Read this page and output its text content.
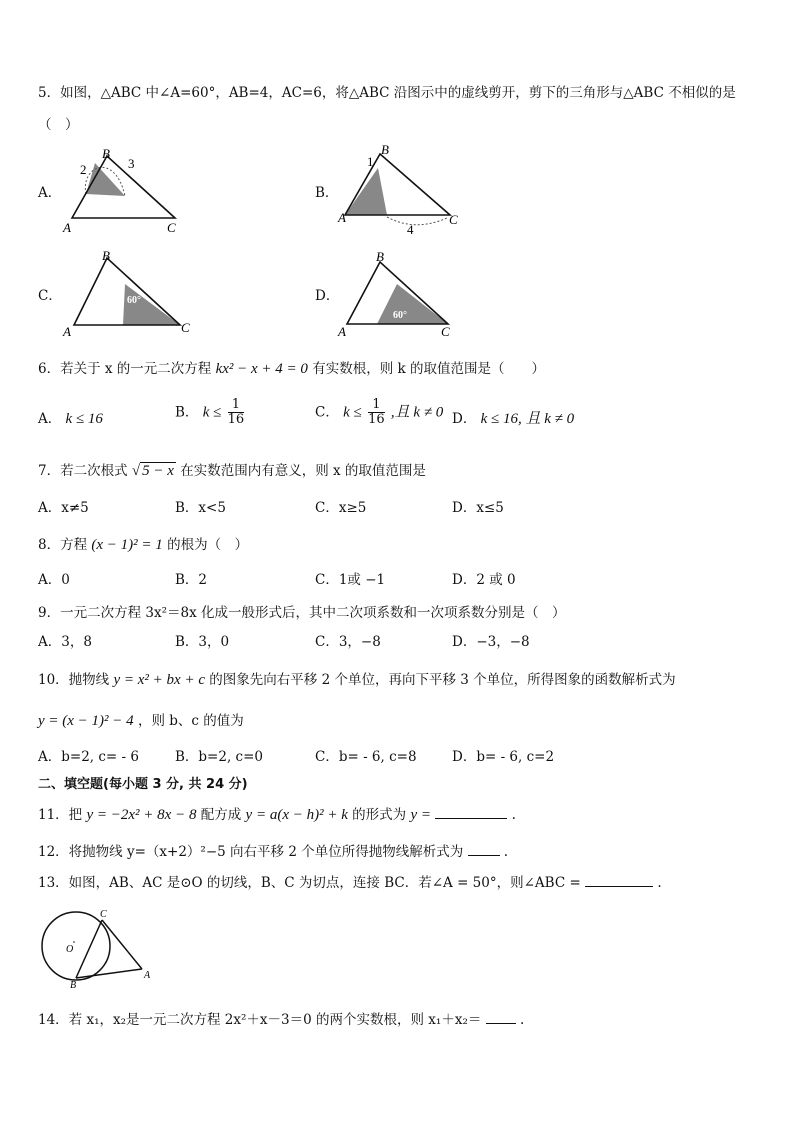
5．如图，△ABC 中∠A=60°，AB=4，AC=6，将△ABC 沿图示中的虚线剪开，剪下的三角形与△ABC 不相似的是
（　）
A．
B
2	3
A	C
B．
B
1
A	C
4
C．
B
60°
A	C
D．
B
60°
A	C
6．若关于 x 的一元二次方程 kx² − x + 4 = 0 有实数根，则 k 的取值范围是（　　）
A． k ≤ 16	B． $k \le \frac{1}{16}$	C． $k \le \frac{1}{16}$ ,且 k ≠ 0 D． k ≤ 16, 且 k ≠ 0
7．若二次根式 √ 5 − x 在实数范围内有意义，则 x 的取值范围是
A．x≠5	B．x<5	C．x≥5	D．x≤5
8．方程 (x − 1)² = 1 的根为（　）
A．0	B．2	C．1或 −1	D．2 或 0
9．一元二次方程 3x²＝8x 化成一般形式后，其中二次项系数和一次项系数分别是（　）
A．3，8	B．3，0	C．3，−8	D．−3，−8
10．抛物线 y = x² + bx + c 的图象先向右平移 2 个单位，再向下平移 3 个单位，所得图象的函数解析式为
y = (x − 1)² − 4 ，则 b、c 的值为
A．b=2, c= - 6	B．b=2, c=0	C．b= - 6, c=8	D．b= - 6, c=2
二、填空题(每小题 3 分, 共 24 分)
11．把 y = −2x² + 8x − 8 配方成 y = a(x − h)² + k 的形式为 y =	.
12．将抛物线 y=（x+2）²−5 向右平移 2 个单位所得抛物线解析式为	.
13．如图，AB、AC 是⊙O 的切线，B、C 为切点，连接 BC．若∠A = 50°，则∠ABC =	.
C
O
B
A
14．若 x₁，x₂是一元二次方程 2x²＋x－3＝0 的两个实数根，则 x₁＋x₂＝	.
